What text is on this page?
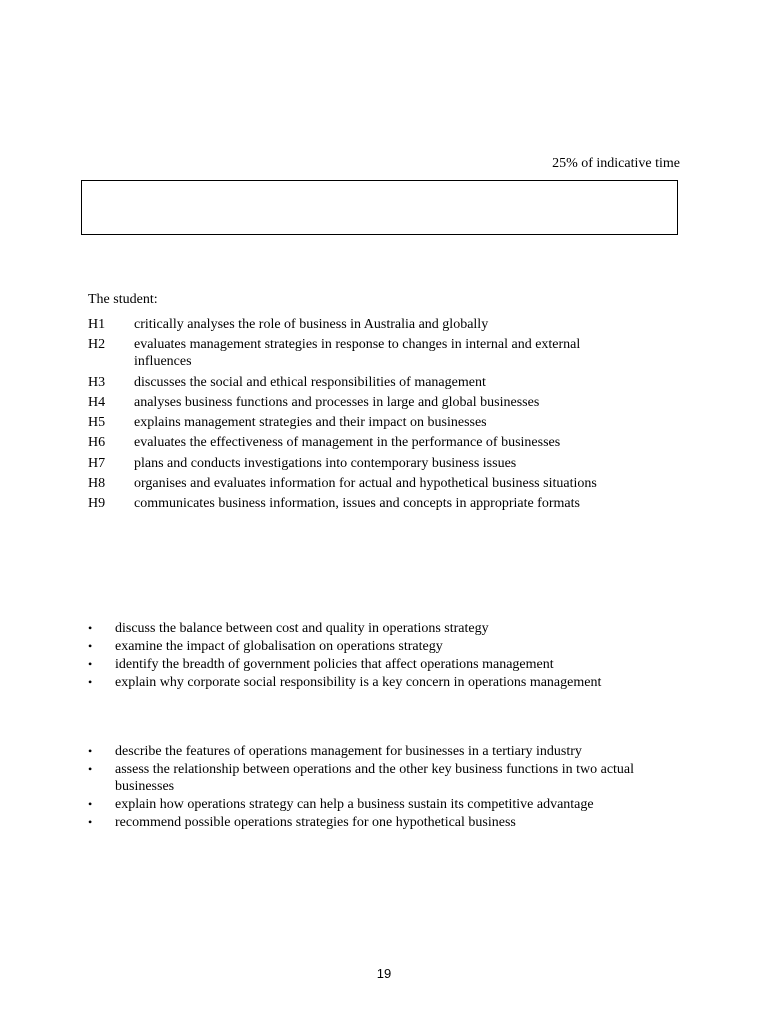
25% of indicative time
The student:
H1	critically analyses the role of business in Australia and globally
H2	evaluates management strategies in response to changes in internal and external influences
H3	discusses the social and ethical responsibilities of management
H4	analyses business functions and processes in large and global businesses
H5	explains management strategies and their impact on businesses
H6	evaluates the effectiveness of management in the performance of businesses
H7	plans and conducts investigations into contemporary business issues
H8	organises and evaluates information for actual and hypothetical business situations
H9	communicates business information, issues and concepts in appropriate formats
•	discuss the balance between cost and quality in operations strategy
•	examine the impact of globalisation on operations strategy
•	identify the breadth of government policies that affect operations management
•	explain why corporate social responsibility is a key concern in operations management
•	describe the features of operations management for businesses in a tertiary industry
•	assess the relationship between operations and the other key business functions in two actual businesses
•	explain how operations strategy can help a business sustain its competitive advantage
•	recommend possible operations strategies for one hypothetical business
19
